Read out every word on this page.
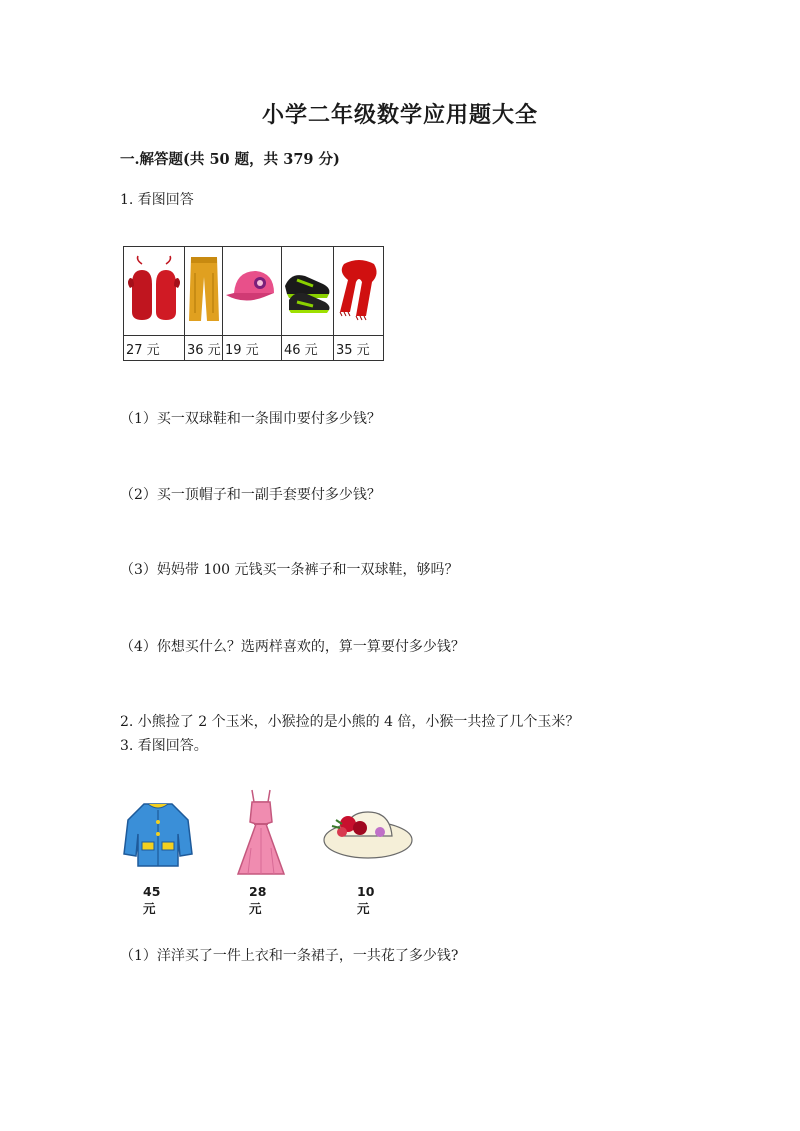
小学二年级数学应用题大全
一.解答题(共 50 题，共 379 分)
1. 看图回答

27 元	36 元	19 元	46 元	35 元
（1）买一双球鞋和一条围巾要付多少钱？
（2）买一顶帽子和一副手套要付多少钱？
（3）妈妈带 100 元钱买一条裤子和一双球鞋，够吗？
（4）你想买什么？选两样喜欢的，算一算要付多少钱？
2. 小熊捡了 2 个玉米，小猴捡的是小熊的 4 倍，小猴一共捡了几个玉米？
3. 看图回答。
45元
28元
10元
（1）洋洋买了一件上衣和一条裙子，一共花了多少钱?
